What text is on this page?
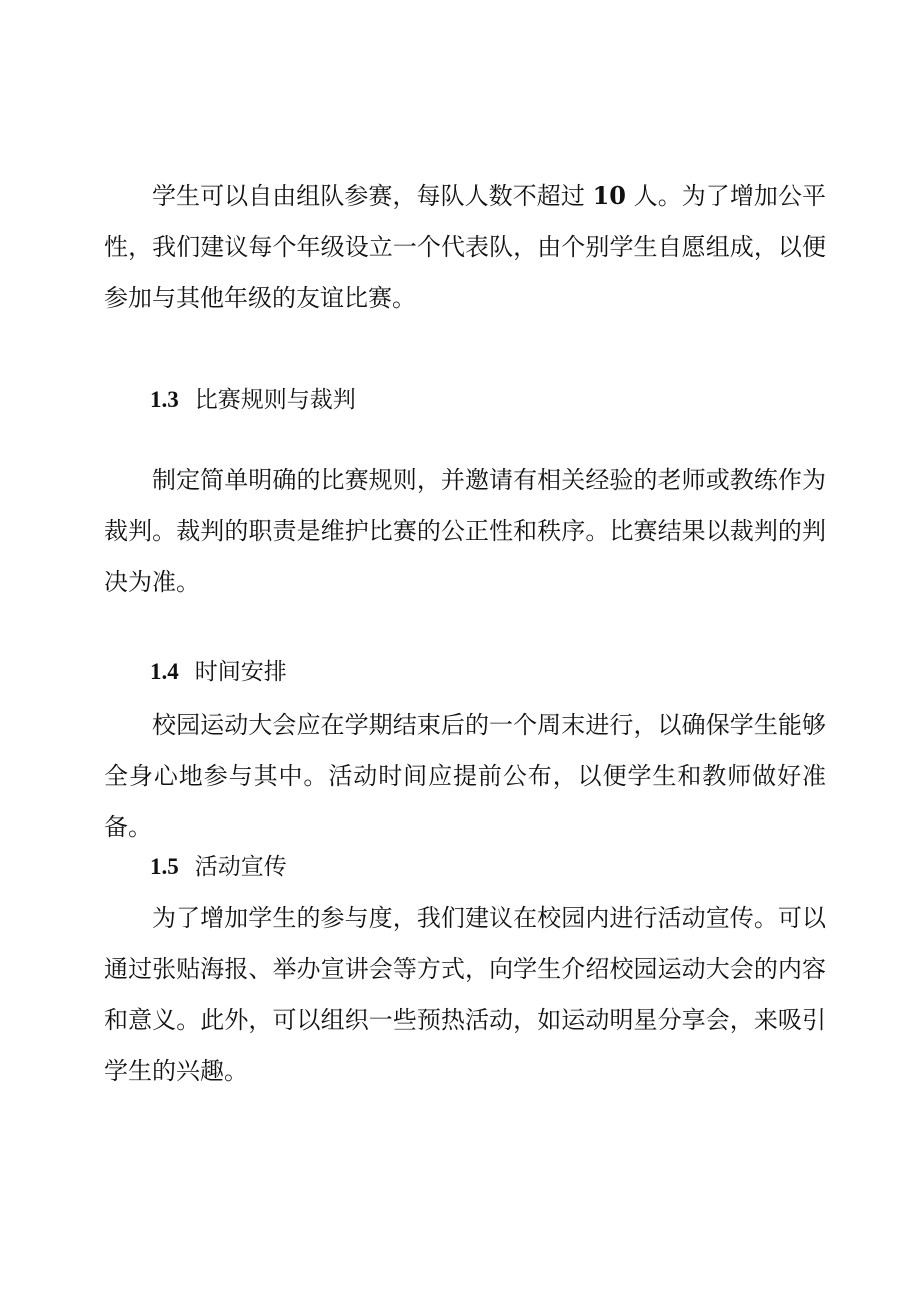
学生可以自由组队参赛，每队人数不超过 10 人。为了增加公平性，我们建议每个年级设立一个代表队，由个别学生自愿组成，以便参加与其他年级的友谊比赛。

1.3 比赛规则与裁判

制定简单明确的比赛规则，并邀请有相关经验的老师或教练作为裁判。裁判的职责是维护比赛的公正性和秩序。比赛结果以裁判的判决为准。

1.4 时间安排

校园运动大会应在学期结束后的一个周末进行，以确保学生能够全身心地参与其中。活动时间应提前公布，以便学生和教师做好准备。

1.5 活动宣传

为了增加学生的参与度，我们建议在校园内进行活动宣传。可以通过张贴海报、举办宣讲会等方式，向学生介绍校园运动大会的内容和意义。此外，可以组织一些预热活动，如运动明星分享会，来吸引学生的兴趣。
